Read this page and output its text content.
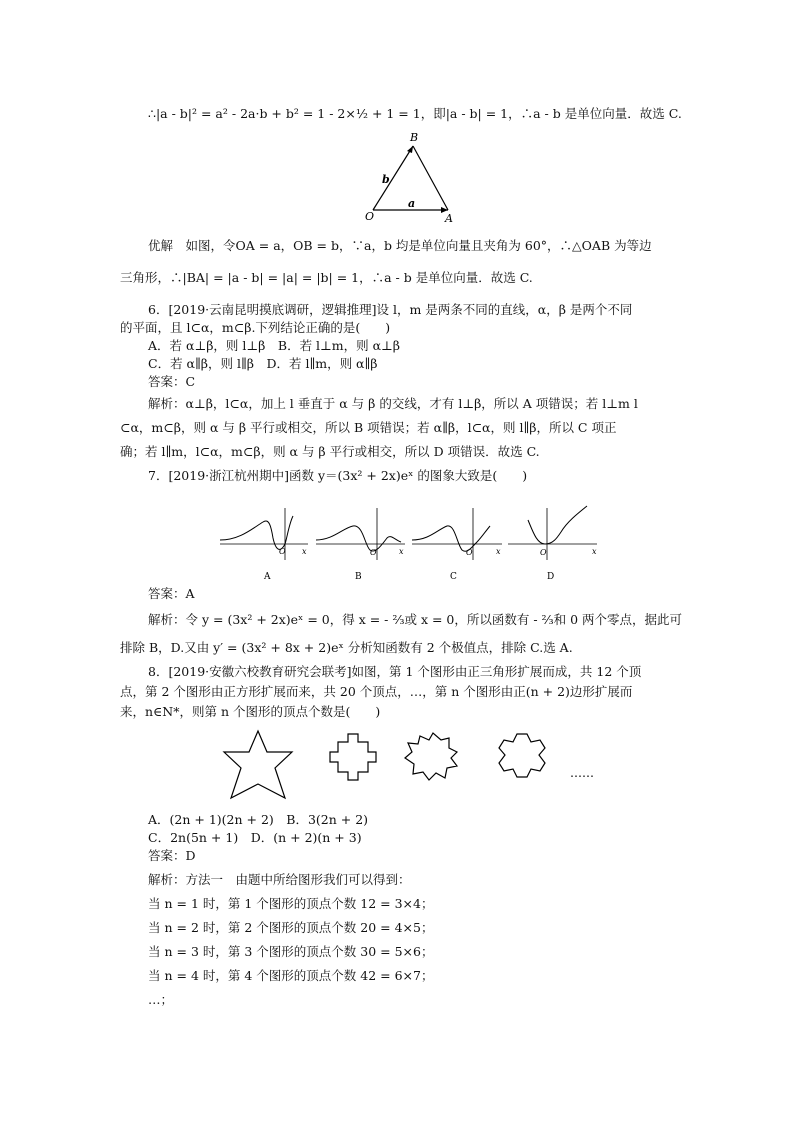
∴|a - b|² = a² - 2a·b + b² = 1 - 2×½ + 1 = 1，即|a - b| = 1，∴a - b 是单位向量．故选 C.
B
O	A
b
a
优解　如图，令OA = a，OB = b，∵a，b 均是单位向量且夹角为 60°，∴△OAB 为等边
三角形，∴|BA| = |a - b| = |a| = |b| = 1，∴a - b 是单位向量．故选 C.
6．[2019·云南昆明摸底调研，逻辑推理]设 l，m 是两条不同的直线，α，β 是两个不同
的平面，且 l⊂α，m⊂β.下列结论正确的是(　　)
A．若 α⊥β，则 l⊥β　B．若 l⊥m，则 α⊥β
C．若 α∥β，则 l∥β　D．若 l∥m，则 α∥β
答案：C
解析：α⊥β，l⊂α，加上 l 垂直于 α 与 β 的交线，才有 l⊥β，所以 A 项错误；若 l⊥m l
⊂α，m⊂β，则 α 与 β 平行或相交，所以 B 项错误；若 α∥β，l⊂α，则 l∥β，所以 C 项正
确；若 l∥m，l⊂α，m⊂β，则 α 与 β 平行或相交，所以 D 项错误．故选 C.
7．[2019·浙江杭州期中]函数 y＝(3x² + 2x)eˣ 的图象大致是(　　)
O x
A
O	x
B
O	x
C
O	x
D
答案：A
解析：令 y = (3x² + 2x)eˣ = 0，得 x = - ⅔或 x = 0，所以函数有 - ⅔和 0 两个零点，据此可
排除 B，D.又由 y′ = (3x² + 8x + 2)eˣ 分析知函数有 2 个极值点，排除 C.选 A.
8．[2019·安徽六校教育研究会联考]如图，第 1 个图形由正三角形扩展而成，共 12 个顶
点，第 2 个图形由正方形扩展而来，共 20 个顶点，…，第 n 个图形由正(n + 2)边形扩展而
来，n∈N*，则第 n 个图形的顶点个数是(　　)
……
A．(2n + 1)(2n + 2)　B．3(2n + 2)
C．2n(5n + 1)　D．(n + 2)(n + 3)
答案：D
解析：方法一　由题中所给图形我们可以得到：
当 n = 1 时，第 1 个图形的顶点个数 12 = 3×4；
当 n = 2 时，第 2 个图形的顶点个数 20 = 4×5；
当 n = 3 时，第 3 个图形的顶点个数 30 = 5×6；
当 n = 4 时，第 4 个图形的顶点个数 42 = 6×7；
…；
